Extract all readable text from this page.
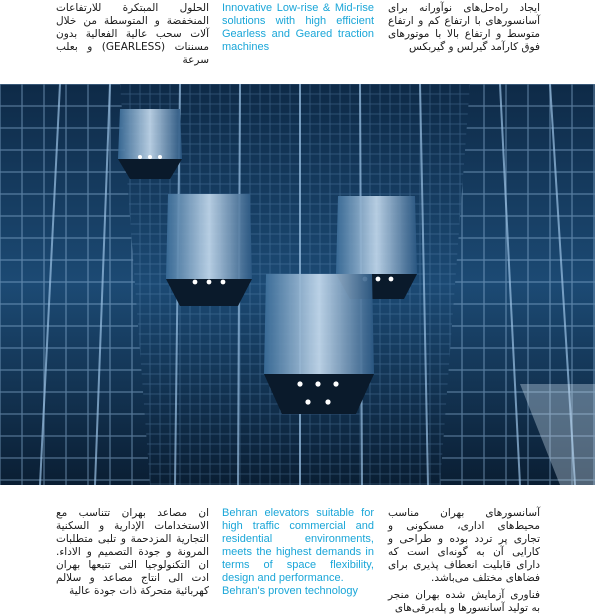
الحلول المبتكرة للارتفاعات المنخفضة و المتوسطة من خلال آلات سحب عالية الفعالية بدون مسننات (GEARLESS) و بعلب سرعة

Innovative Low-rise & Mid-rise solutions with high efficient Gearless and Geared traction machines

ایجاد راه‌حل‌های نوآورانه برای آسانسورهای با ارتفاع کم و ارتفاع متوسط و ارتفاع بالا با موتورهای فوق کارآمد گیرلس و گیربکس

ان مصاعد بهران تتناسب مع الاستخدامات الإدارية و السكنية التجارية المزدحمة و تلبى متطلبات المرونة و جودة التصميم و الاداء. ان التكنولوجيا التى تتبعها بهران ادت الى انتاج مصاعد و سلالم كهربائية متحركة ذات جودة عالية

Behran elevators suitable for high traffic commercial and residential environments, meets the highest demands in terms of space flexibility, design and performance.

Behran's proven technology

آسانسورهای بهران مناسب محیط‌های اداری، مسکونی و تجاری پر تردد بوده و طراحی و کارایی آن به گونه‌ای است که دارای قابلیت انعطاف پذیری برای فضاهای مختلف می‌باشد.

فناوری آزمایش شده بهران منجر به تولید آسانسورها و پله‌برقی‌های
